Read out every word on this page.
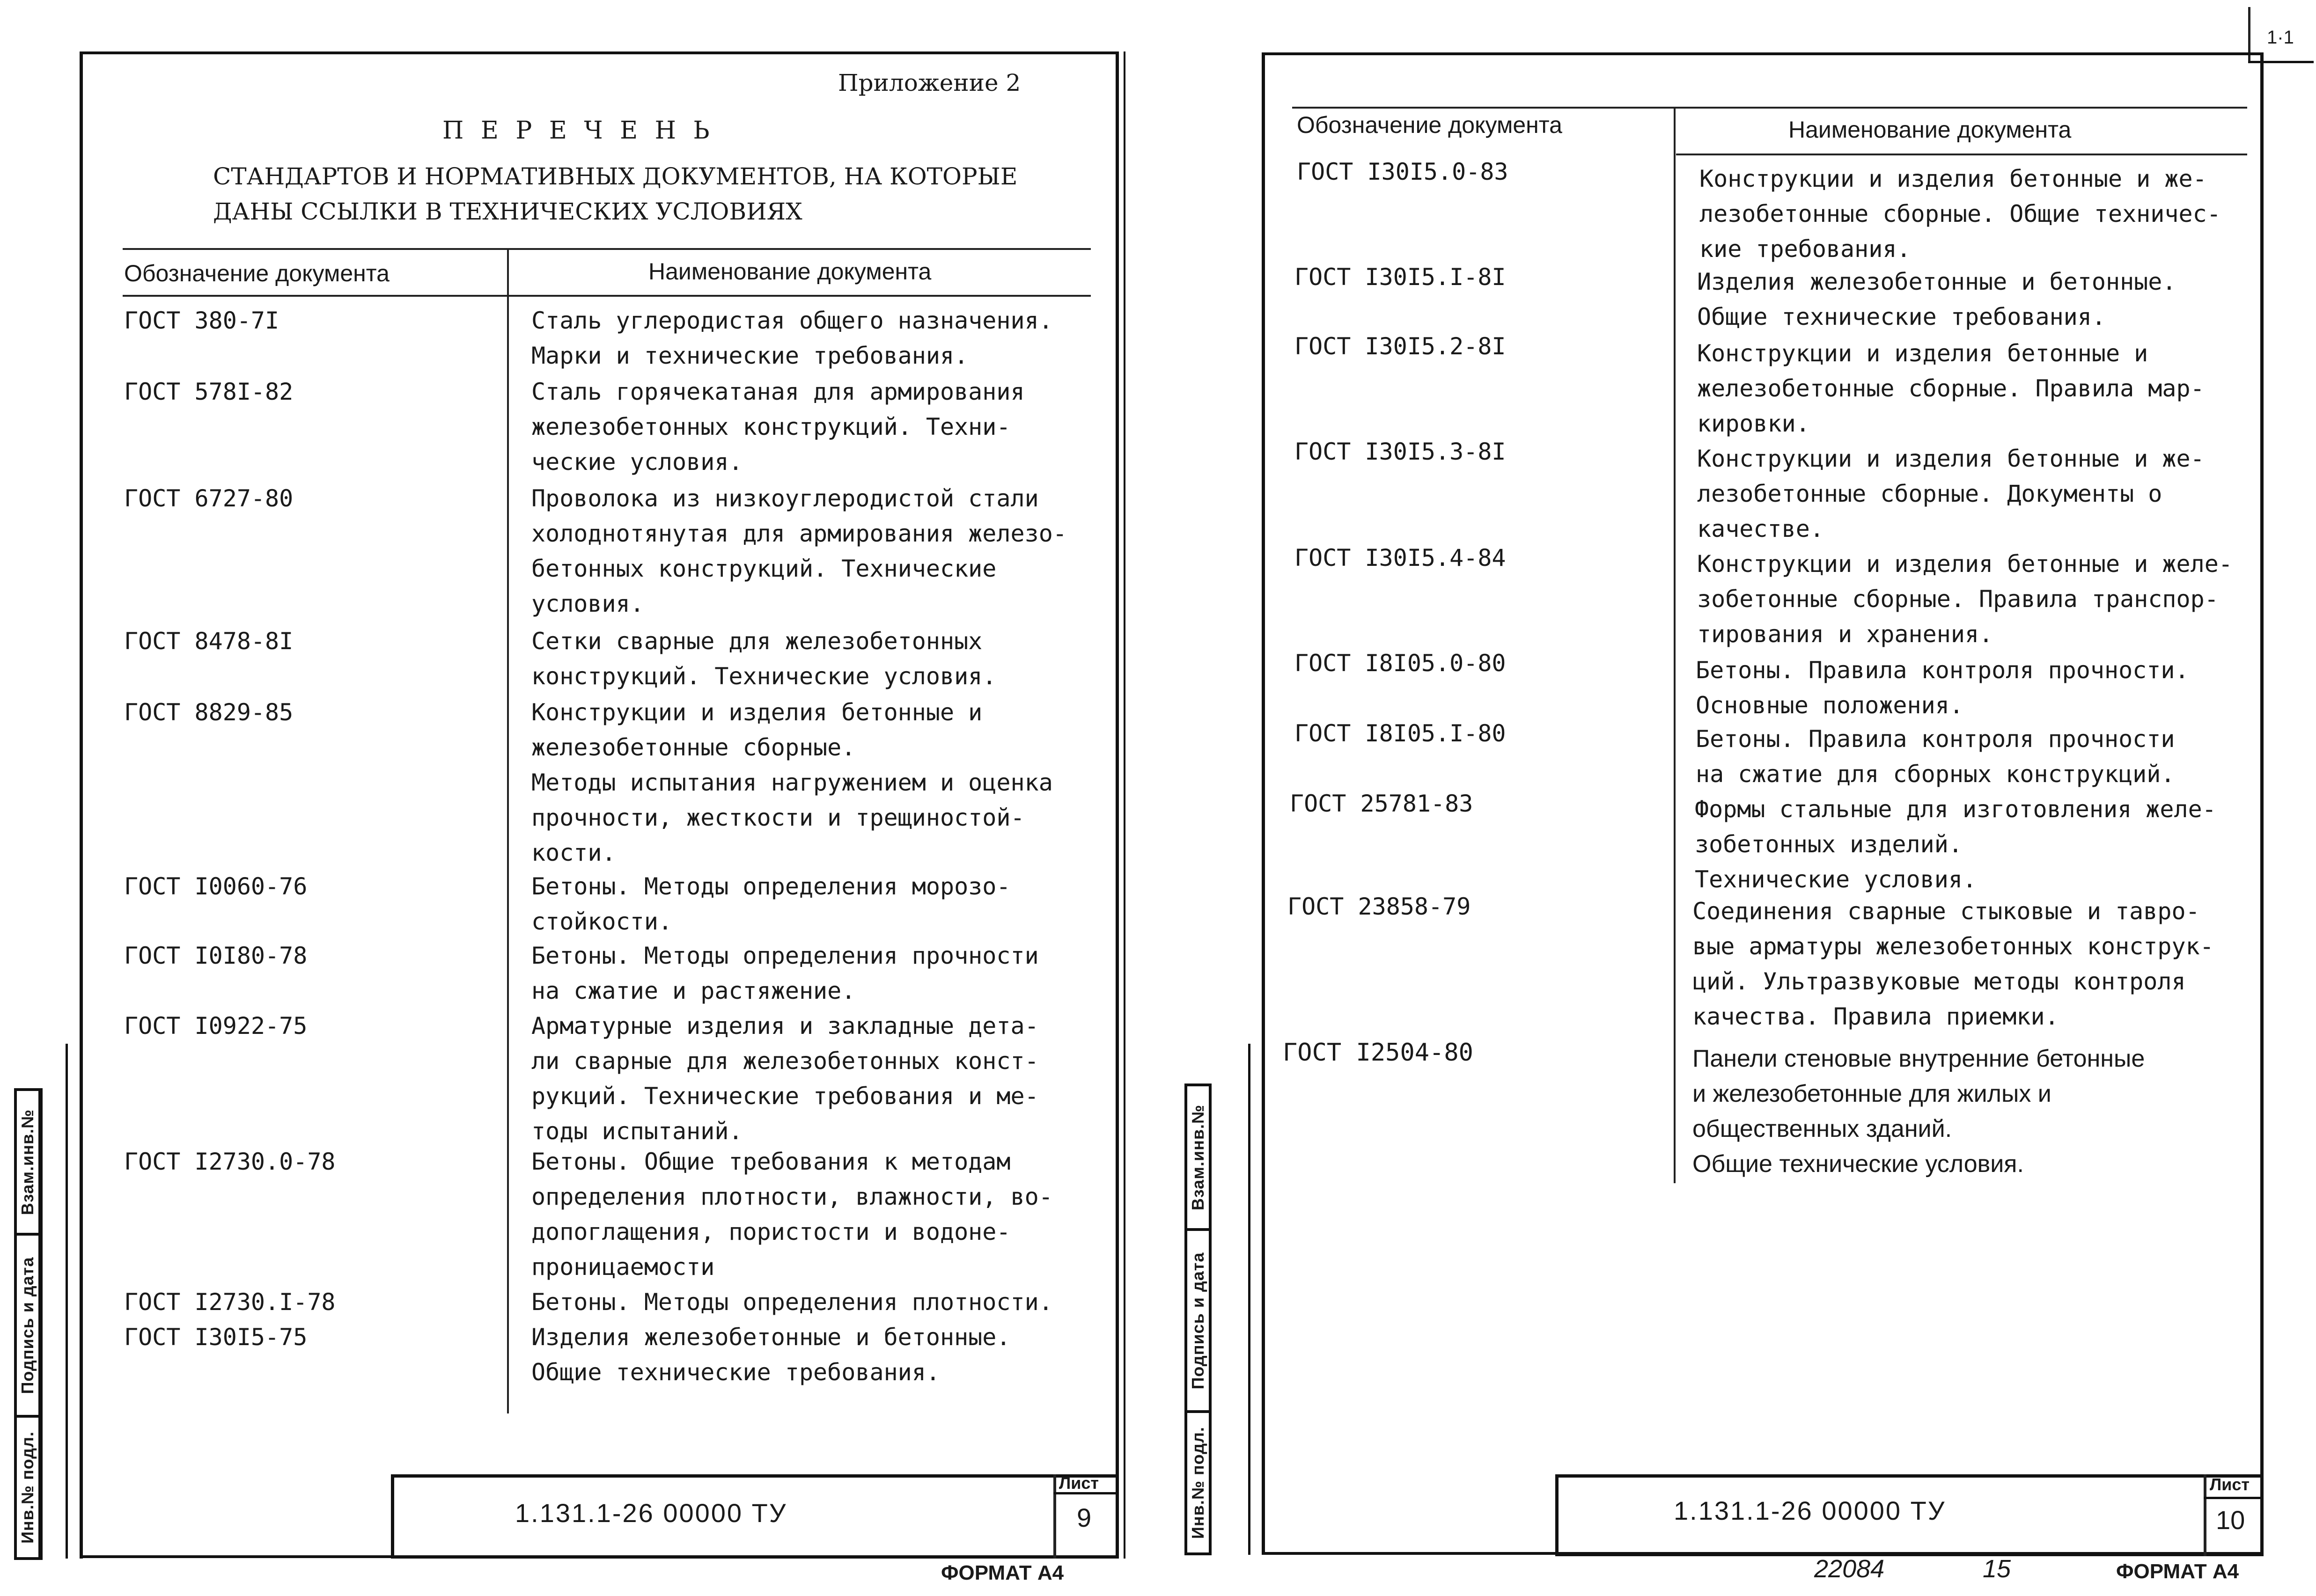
Приложение 2
П Е Р Е Ч Е Н Ь
СТАНДАРТОВ И НОРМАТИВНЫХ ДОКУМЕНТОВ, НА КОТОРЫЕ
ДАНЫ ССЫЛКИ В ТЕХНИЧЕСКИХ УСЛОВИЯХ
Обозначение документа	Наименование документа
ГОСТ 380-7I	Сталь углеродистая общего назначения.
Марки и технические требования.
ГОСТ 578I-82	Сталь горячекатаная для армирования
железобетонных конструкций. Техни-
ческие условия.
ГОСТ 6727-80	Проволока из низкоуглеродистой стали
холоднотянутая для армирования железо-
бетонных конструкций. Технические
условия.
ГОСТ 8478-8I	Сетки сварные для железобетонных
конструкций. Технические условия.
ГОСТ 8829-85	Конструкции и изделия бетонные и
железобетонные сборные.
Методы испытания нагружением и оценка
прочности, жесткости и трещиностой-
кости.
ГОСТ I0060-76	Бетоны. Методы определения морозо-
стойкости.
ГОСТ I0I80-78	Бетоны. Методы определения прочности
на сжатие и растяжение.
ГОСТ I0922-75	Арматурные изделия и закладные дета-
ли сварные для железобетонных конст-
рукций. Технические требования и ме-
тоды испытаний.
ГОСТ I2730.0-78	Бетоны. Общие требования к методам
определения плотности, влажности, во-
допоглащения, пористости и водоне-
проницаемости
ГОСТ I2730.I-78	Бетоны. Методы определения плотности.
ГОСТ I30I5-75	Изделия железобетонные и бетонные.
Общие технические требования.
1.131.1-26 00000 ТУ
Лист
9
ФОРМАТ А4
Взам.инв.№
Подпись и дата
Инв.№ подл.
1·1
Обозначение документа	Наименование документа
ГОСТ I30I5.0-83	Конструкции и изделия бетонные и же-
лезобетонные сборные. Общие техничес-
кие требования.
ГОСТ I30I5.I-8I	Изделия железобетонные и бетонные.
Общие технические требования.
ГОСТ I30I5.2-8I	Конструкции и изделия бетонные и
железобетонные сборные. Правила мар-
кировки.
ГОСТ I30I5.3-8I	Конструкции и изделия бетонные и же-
лезобетонные сборные. Документы о
качестве.
ГОСТ I30I5.4-84	Конструкции и изделия бетонные и желе-
зобетонные сборные. Правила транспор-
тирования и хранения.
ГОСТ I8I05.0-80	Бетоны. Правила контроля прочности.
Основные положения.
ГОСТ I8I05.I-80	Бетоны. Правила контроля прочности
на сжатие для сборных конструкций.
ГОСТ 25781-83	Формы стальные для изготовления желе-
зобетонных изделий.
Технические условия.
ГОСТ 23858-79	Соединения сварные стыковые и тавро-
вые арматуры железобетонных конструк-
ций. Ультразвуковые методы контроля
качества. Правила приемки.
ГОСТ I2504-80	Панели стеновые внутренние бетонные
и железобетонные для жилых и
общественных зданий.
Общие технические условия.
1.131.1-26 00000 ТУ
Лист
10
22084	15	ФОРМАТ А4
Взам.инв.№
Подпись и дата
Инв.№ подл.
